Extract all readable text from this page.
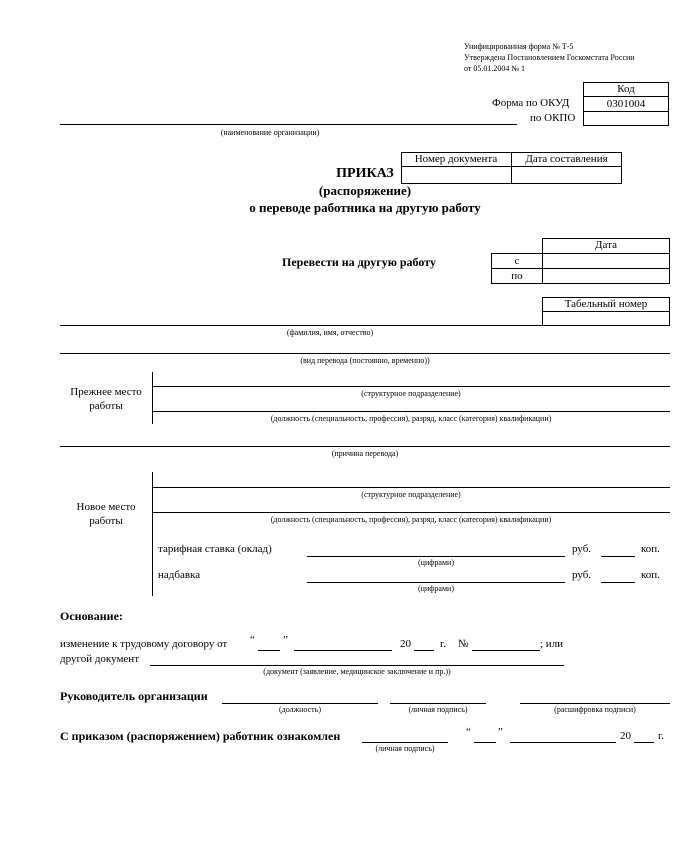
Унифицированная форма № Т-5
Утверждена Постановлением Госкомстата России
от 05.01.2004 № 1
Код
0301004
Форма по ОКУД
по ОКПО
(наименование организации)
ПРИКАЗ
(распоряжение)
о переводе работника на другую работу
Номер документа	Дата составления
Перевести на другую работу
Дата
с
по
Табельный номер
(фамилия, имя, отчество)
(вид перевода (постоянно, временно))
Прежнее место
работы
(структурное подразделение)
(должность (специальность, профессия), разряд, класс (категория) квалификации)
(причина перевода)
Новое место
работы
(структурное подразделение)
(должность (специальность, профессия), разряд, класс (категория) квалификации)
тарифная ставка (оклад)
(цифрами)
руб.	коп.
надбавка
(цифрами)
руб.	коп.
Основание:
изменение к трудовому договору от “	”	20	г. №	; или
другой документ
(документ (заявление, медицинское заключение и пр.))
Руководитель организации
(должность)	(личная подпись)	(расшифровка подписи)
С приказом (распоряжением) работник ознакомлен
(личная подпись)
“ ”	20 г.
